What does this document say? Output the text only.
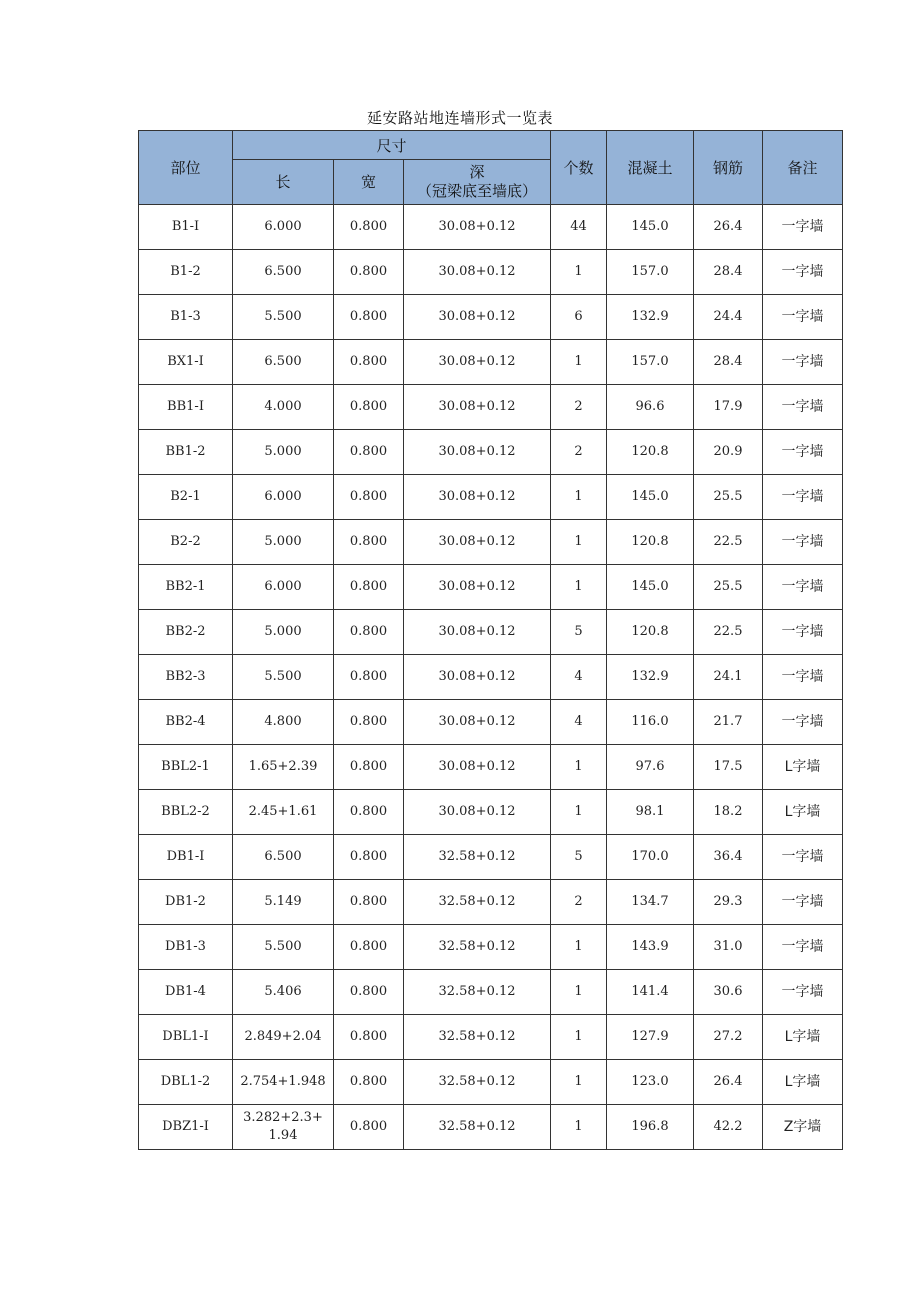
延安路站地连墙形式一览表
部位	尺寸			个数	混凝土	钢筋	备注
	长	宽	深
（冠梁底至墙底）				

B1-I	6.000	0.800	30.08+0.12	44	145.0	26.4	一字墙
B1-2	6.500	0.800	30.08+0.12	1	157.0	28.4	一字墙
B1-3	5.500	0.800	30.08+0.12	6	132.9	24.4	一字墙
BX1-I	6.500	0.800	30.08+0.12	1	157.0	28.4	一字墙
BB1-I	4.000	0.800	30.08+0.12	2	96.6	17.9	一字墙
BB1-2	5.000	0.800	30.08+0.12	2	120.8	20.9	一字墙
B2-1	6.000	0.800	30.08+0.12	1	145.0	25.5	一字墙
B2-2	5.000	0.800	30.08+0.12	1	120.8	22.5	一字墙
BB2-1	6.000	0.800	30.08+0.12	1	145.0	25.5	一字墙
BB2-2	5.000	0.800	30.08+0.12	5	120.8	22.5	一字墙
BB2-3	5.500	0.800	30.08+0.12	4	132.9	24.1	一字墙
BB2-4	4.800	0.800	30.08+0.12	4	116.0	21.7	一字墙
BBL2-1	1.65+2.39	0.800	30.08+0.12	1	97.6	17.5	L字墙
BBL2-2	2.45+1.61	0.800	30.08+0.12	1	98.1	18.2	L字墙
DB1-I	6.500	0.800	32.58+0.12	5	170.0	36.4	一字墙
DB1-2	5.149	0.800	32.58+0.12	2	134.7	29.3	一字墙
DB1-3	5.500	0.800	32.58+0.12	1	143.9	31.0	一字墙
DB1-4	5.406	0.800	32.58+0.12	1	141.4	30.6	一字墙
DBL1-I	2.849+2.04	0.800	32.58+0.12	1	127.9	27.2	L字墙
DBL1-2	2.754+1.948	0.800	32.58+0.12	1	123.0	26.4	L字墙
DBZ1-I	3.282+2.3+1.94	0.800	32.58+0.12	1	196.8	42.2	Z字墙
